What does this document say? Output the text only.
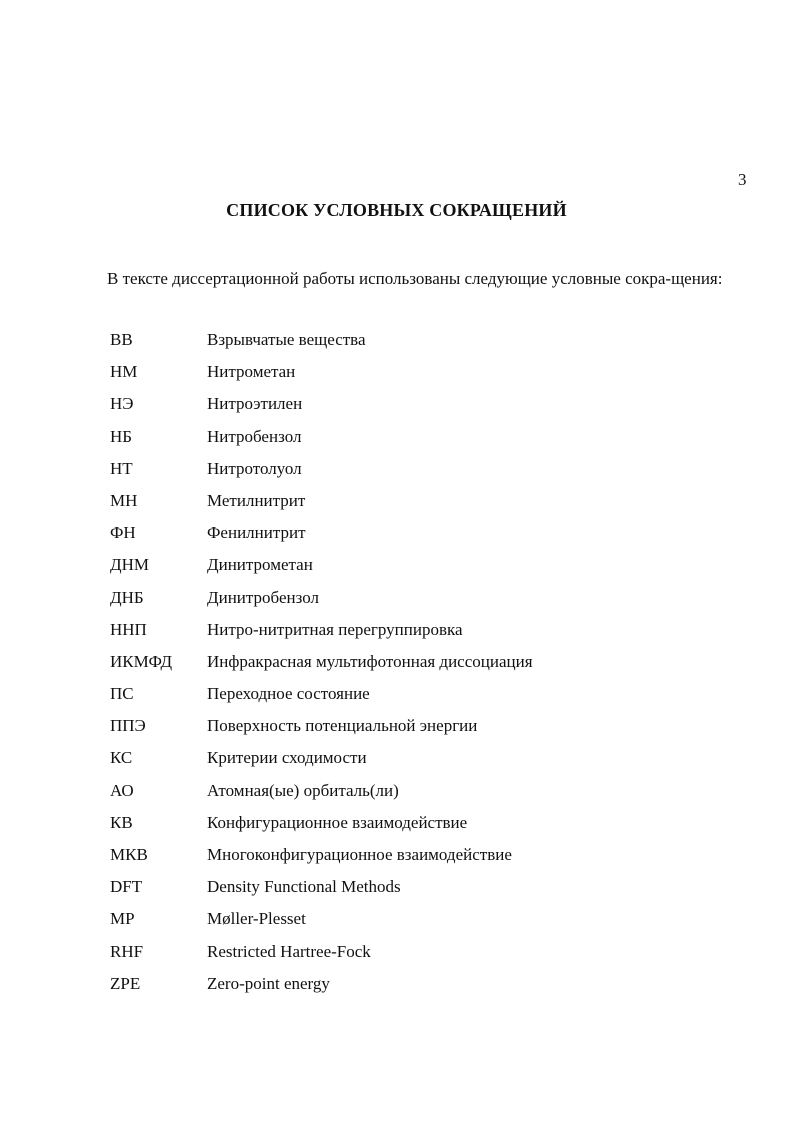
3
СПИСОК УСЛОВНЫХ СОКРАЩЕНИЙ
В тексте диссертационной работы использованы следующие условные сокра-щения:
ВВ	Взрывчатые вещества
НМ	Нитрометан
НЭ	Нитроэтилен
НБ	Нитробензол
НТ	Нитротолуол
МН	Метилнитрит
ФН	Фенилнитрит
ДНМ	Динитрометан
ДНБ	Динитробензол
ННП	Нитро-нитритная перегруппировка
ИКМФД Инфракрасная мультифотонная диссоциация
ПС	Переходное состояние
ППЭ	Поверхность потенциальной энергии
КС	Критерии сходимости
АО	Атомная(ые) орбиталь(ли)
КВ	Конфигурационное взаимодействие
МКВ	Многоконфигурационное взаимодействие
DFT	Density Functional Methods
MP	Møller-Plesset
RHF	Restricted Hartree-Fock
ZPE	Zero-point energy
